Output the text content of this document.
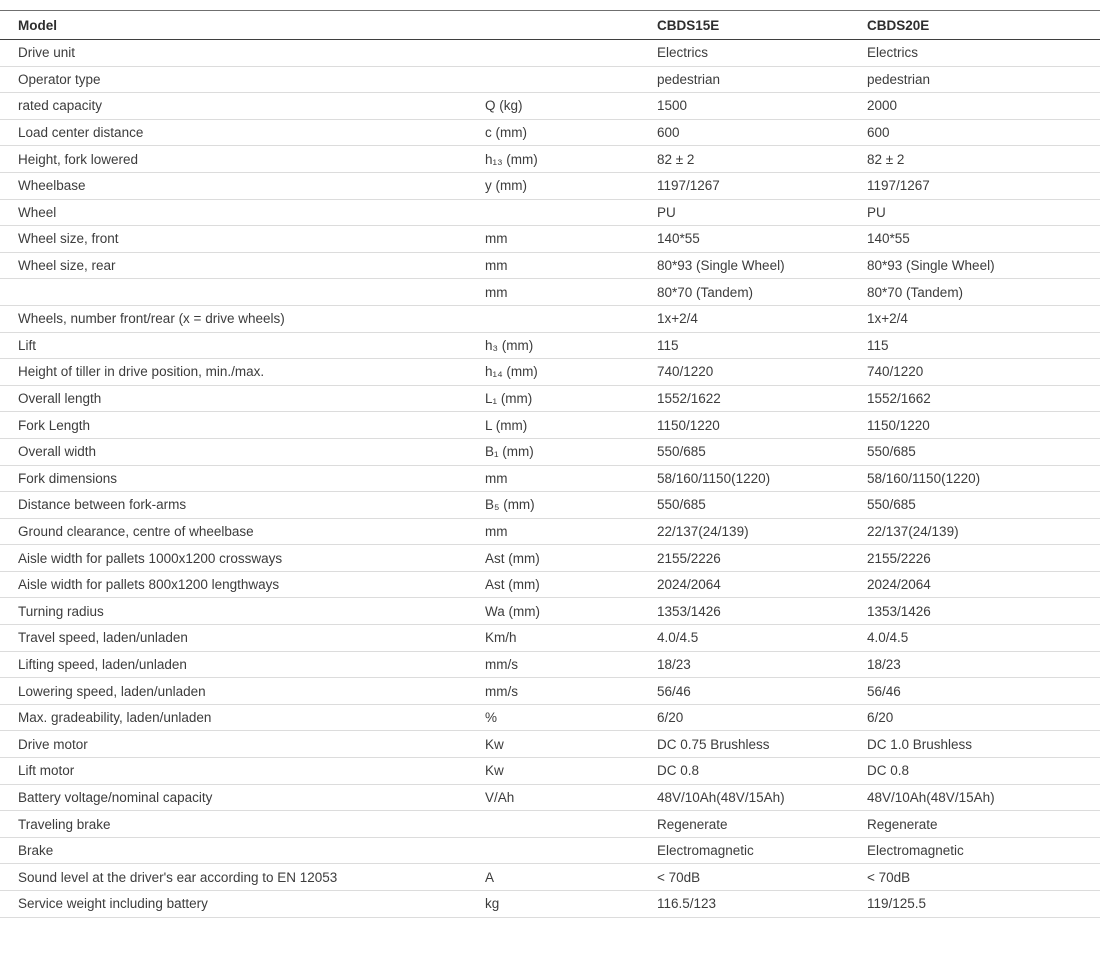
Model		CBDS15E	CBDS20E
Drive unit		Electrics	Electrics
Operator type		pedestrian	pedestrian
rated capacity	Q (kg)	1500	2000
Load center distance	c (mm)	600	600
Height, fork lowered	h₁₃ (mm)	82 ± 2	82 ± 2
Wheelbase	y (mm)	1197/1267	1197/1267
Wheel		PU	PU
Wheel size, front	mm	140*55	140*55
Wheel size, rear	mm	80*93 (Single Wheel)	80*93 (Single Wheel)
	mm	80*70 (Tandem)	80*70 (Tandem)
Wheels, number front/rear (x = drive wheels)		1x+2/4	1x+2/4
Lift	h₃ (mm)	115	115
Height of tiller in drive position, min./max.	h₁₄ (mm)	740/1220	740/1220
Overall length	L₁ (mm)	1552/1622	1552/1662
Fork Length	L (mm)	1150/1220	1150/1220
Overall width	B₁ (mm)	550/685	550/685
Fork dimensions	mm	58/160/1150(1220)	58/160/1150(1220)
Distance between fork-arms	B₅ (mm)	550/685	550/685
Ground clearance, centre of wheelbase	mm	22/137(24/139)	22/137(24/139)
Aisle width for pallets 1000x1200 crossways	Ast (mm)	2155/2226	2155/2226
Aisle width for pallets 800x1200 lengthways	Ast (mm)	2024/2064	2024/2064
Turning radius	Wa (mm)	1353/1426	1353/1426
Travel speed, laden/unladen	Km/h	4.0/4.5	4.0/4.5
Lifting speed, laden/unladen	mm/s	18/23	18/23
Lowering speed, laden/unladen	mm/s	56/46	56/46
Max. gradeability, laden/unladen	%	6/20	6/20
Drive motor	Kw	DC 0.75 Brushless	DC 1.0 Brushless
Lift motor	Kw	DC 0.8	DC 0.8
Battery voltage/nominal capacity	V/Ah	48V/10Ah(48V/15Ah)	48V/10Ah(48V/15Ah)
Traveling brake		Regenerate	Regenerate
Brake		Electromagnetic	Electromagnetic
Sound level at the driver's ear according to EN 12053	A	< 70dB	< 70dB
Service weight including battery	kg	116.5/123	119/125.5
